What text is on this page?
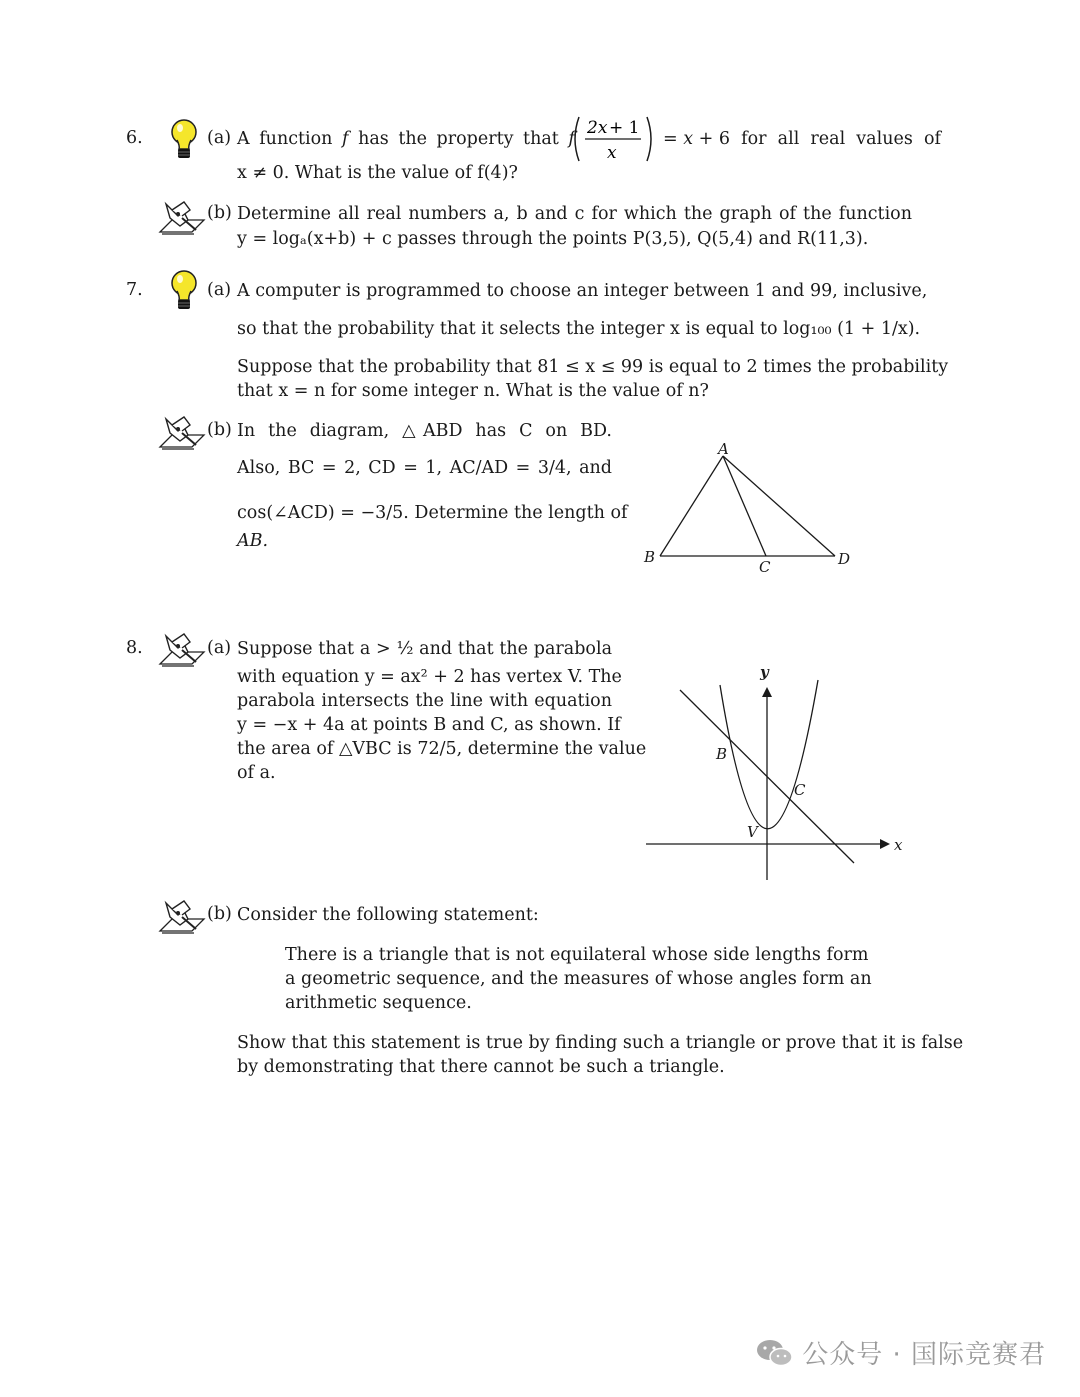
6.	(a) A function f has the property that f
2x + 1
x
= x + 6  for  all  real  values  of
x ≠ 0. What is the value of f(4)?
(b) Determine all real numbers a, b and c for which the graph of the function
y = logₐ(x+b) + c passes through the points P(3,5), Q(5,4) and R(11,3).
7.	(a) A computer is programmed to choose an integer between 1 and 99, inclusive,
so that the probability that it selects the integer x is equal to log₁₀₀ (1 + 1/x).
Suppose that the probability that 81 ≤ x ≤ 99 is equal to 2 times the probability
that x = n for some integer n. What is the value of n?
(b) In the diagram, △ABD has C on BD.
Also, BC = 2, CD = 1, AC/AD = 3/4, and
cos(∠ACD) = −3/5. Determine the length of
AB.
A
B
C	D
8.	(a) Suppose that a > ½ and that the parabola
with equation y = ax² + 2 has vertex V. The
parabola intersects the line with equation
y = −x + 4a at points B and C, as shown. If
the area of △VBC is 72/5, determine the value
of a.
y
x
B
C
V
(b) Consider the following statement:
There is a triangle that is not equilateral whose side lengths form
a geometric sequence, and the measures of whose angles form an
arithmetic sequence.
Show that this statement is true by finding such a triangle or prove that it is false
by demonstrating that there cannot be such a triangle.
公众号 · 国际竞赛君
